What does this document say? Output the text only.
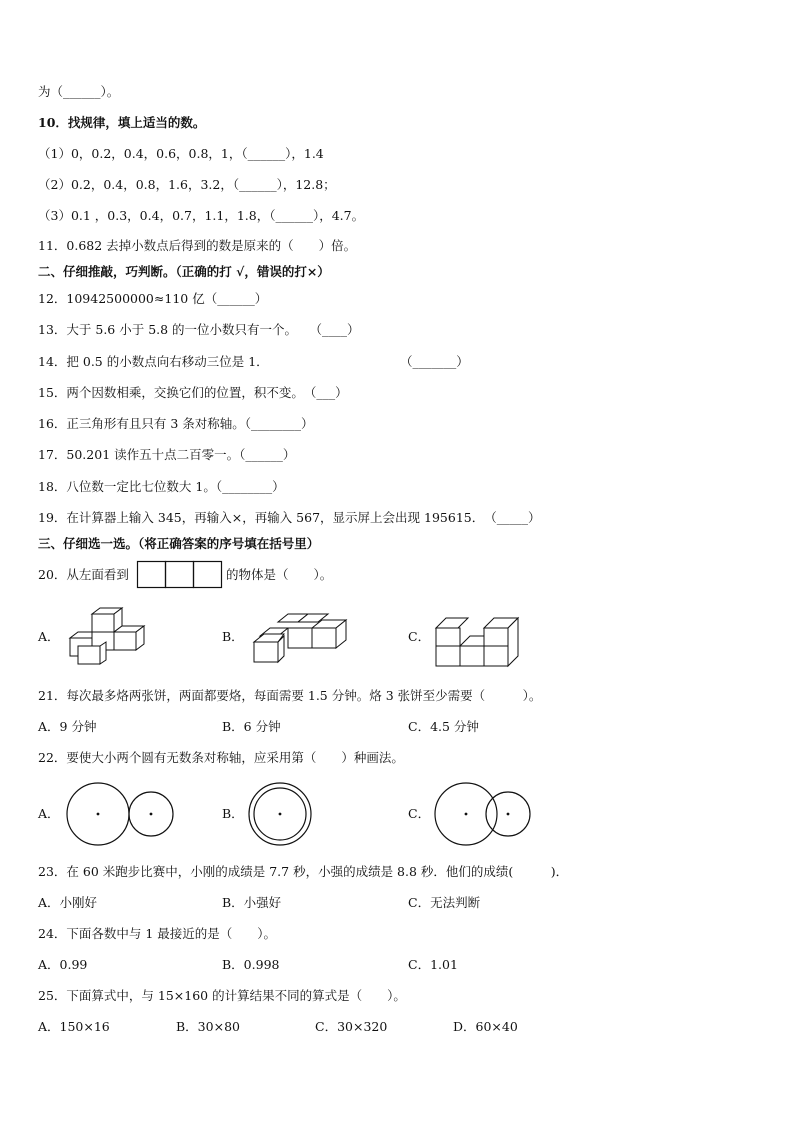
为（______）。
10．找规律，填上适当的数。
（1）0，0.2，0.4，0.6，0.8，1，（______），1.4
（2）0.2，0.4，0.8，1.6，3.2，（______），12.8；
（3）0.1 ，0.3，0.4，0.7，1.1，1.8，（______），4.7。
11．0.682 去掉小数点后得到的数是原来的（　　）倍。
二、仔细推敲，巧判断。（正确的打 √，错误的打×）
12．10942500000≈110 亿（______）
13．大于 5.6 小于 5.8 的一位小数只有一个。　　（____）
14．把 0.5 的小数点向右移动三位是 1．	（_______）
15．两个因数相乘，交换它们的位置，积不变。　（___）
16．正三角形有且只有 3 条对称轴。（________）
17．50.201 读作五十点二百零一。（______）
18．八位数一定比七位数大 1。（________）
19．在计算器上输入 345，再输入×，再输入 567，显示屏上会出现 195615．　（_____）
三、仔细选一选。（将正确答案的序号填在括号里）
20．从左面看到	的物体是（　　）。
A．	B．	C．
21．每次最多烙两张饼，两面都要烙，每面需要 1.5 分钟。烙 3 张饼至少需要（　　　）。
A．9 分钟	B．6 分钟	C．4.5 分钟
22．要使大小两个圆有无数条对称轴，应采用第（　　）种画法。
A．	B．	C．
23．在 60 米跑步比赛中，小刚的成绩是 7.7 秒，小强的成绩是 8.8 秒．他们的成绩(　　　)．
A．小刚好	B．小强好	C．无法判断
24．下面各数中与 1 最接近的是（　　）。
A．0.99	B．0.998	C．1.01
25．下面算式中，与 15×160 的计算结果不同的算式是（　　）。
A．150×16	B．30×80	C．30×320	D．60×40
